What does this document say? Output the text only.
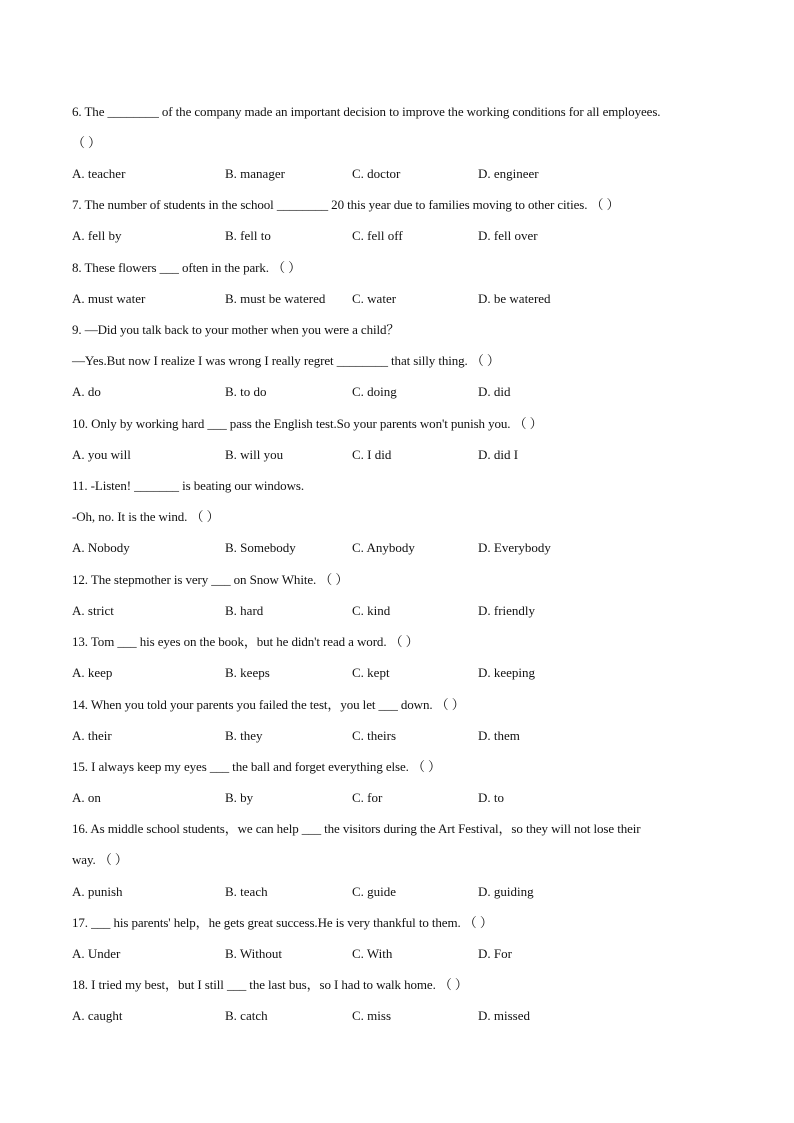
6. The ________ of the company made an important decision to improve the working conditions for all employees.
（ ）
A. teacher	B. manager	C. doctor	D. engineer
7. The number of students in the school ________ 20 this year due to families moving to other cities. （ ）
A. fell by	B. fell to	C. fell off	D. fell over
8. These flowers ___ often in the park. （ ）
A. must water	B. must be watered C. water	D. be watered
9. —Did you talk back to your mother when you were a child？
—Yes.But now I realize I was wrong I really regret ________ that silly thing. （ ）
A. do	B. to do	C. doing	D. did
10. Only by working hard ___ pass the English test.So your parents won't punish you. （ ）
A. you will	B. will you	C. I did	D. did I
11. -Listen! _______ is beating our windows.
-Oh, no. It is the wind. （ ）
A. Nobody	B. Somebody	C. Anybody	D. Everybody
12. The stepmother is very ___ on Snow White. （ ）
A. strict	B. hard	C. kind	D. friendly
13. Tom ___ his eyes on the book，but he didn't read a word. （ ）
A. keep	B. keeps	C. kept	D. keeping
14. When you told your parents you failed the test，you let ___ down. （ ）
A. their	B. they	C. theirs	D. them
15. I always keep my eyes ___ the ball and forget everything else. （ ）
A. on	B. by	C. for	D. to
16. As middle school students，we can help ___ the visitors during the Art Festival，so they will not lose their
way. （ ）
A. punish	B. teach	C. guide	D. guiding
17. ___ his parents' help，he gets great success.He is very thankful to them. （ ）
A. Under	B. Without	C. With	D. For
18. I tried my best，but I still ___ the last bus，so I had to walk home. （ ）
A. caught	B. catch	C. miss	D. missed
